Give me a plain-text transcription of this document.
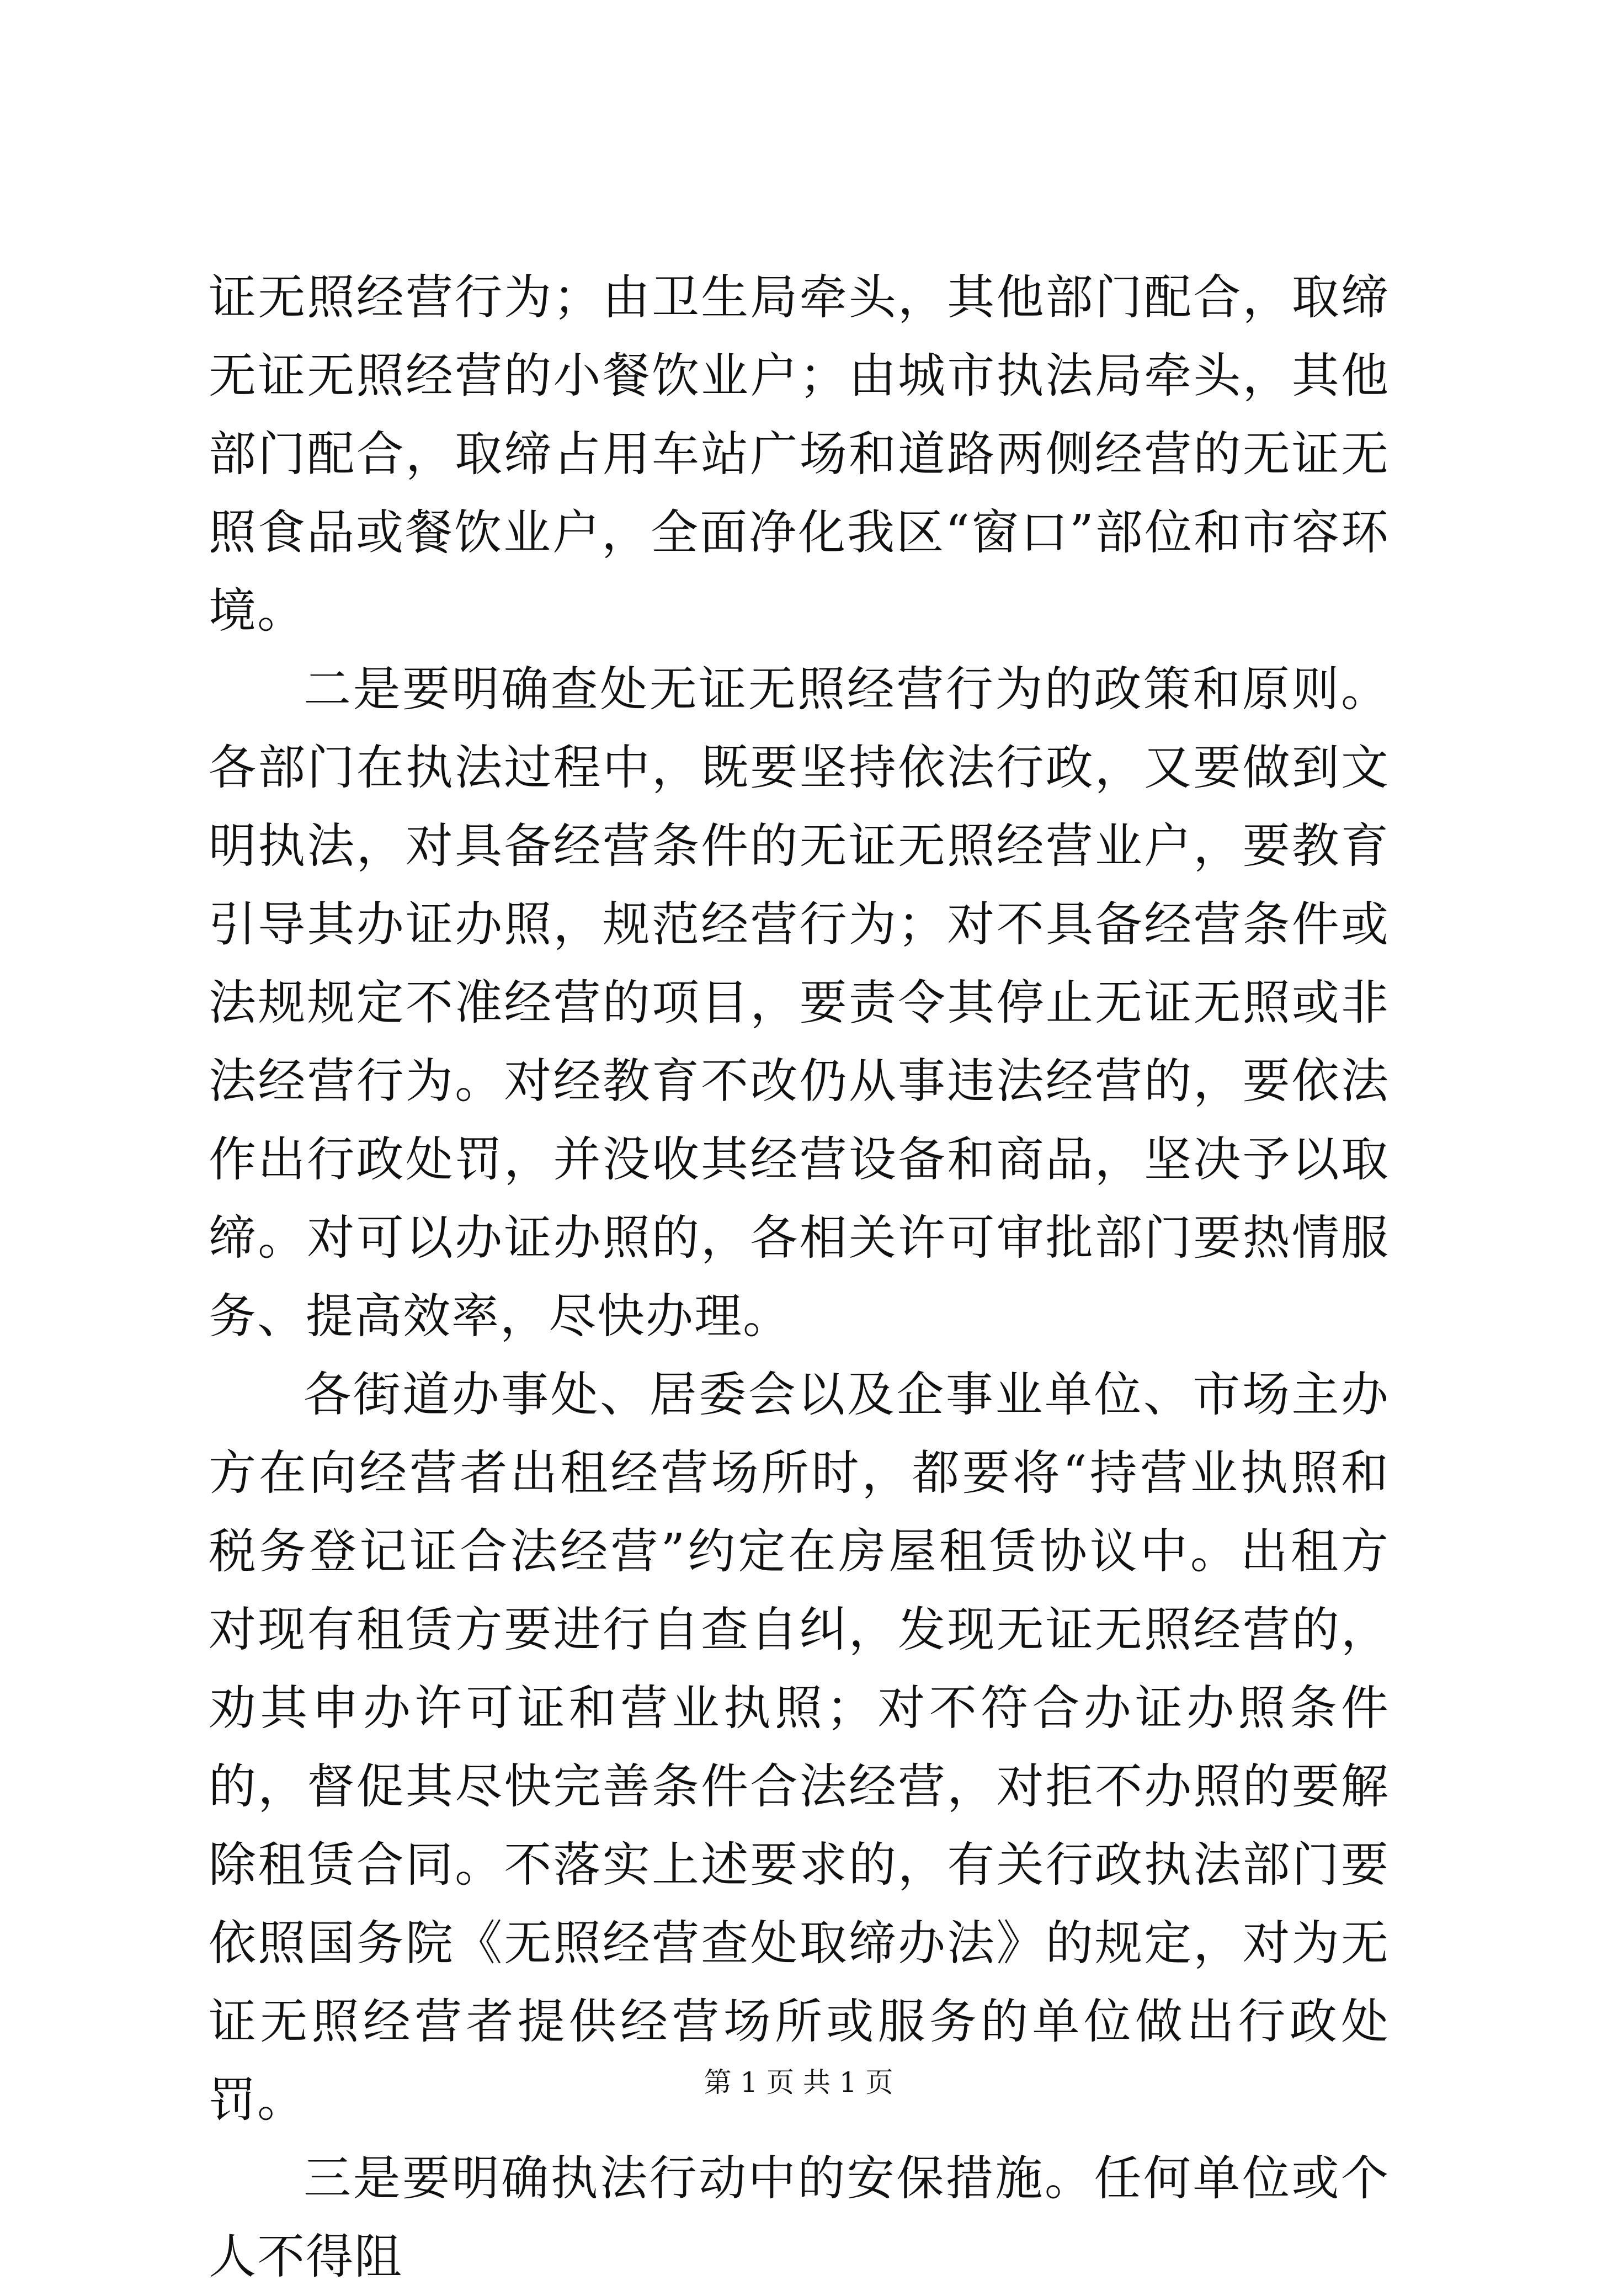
证无照经营行为；由卫生局牵头，其他部门配合，取缔无证无照经营的小餐饮业户；由城市执法局牵头，其他部门配合，取缔占用车站广场和道路两侧经营的无证无照食品或餐饮业户，全面净化我区“窗口”部位和市容环境。

二是要明确查处无证无照经营行为的政策和原则。各部门在执法过程中，既要坚持依法行政，又要做到文明执法，对具备经营条件的无证无照经营业户，要教育引导其办证办照，规范经营行为；对不具备经营条件或法规规定不准经营的项目，要责令其停止无证无照或非法经营行为。对经教育不改仍从事违法经营的，要依法作出行政处罚，并没收其经营设备和商品，坚决予以取缔。对可以办证办照的，各相关许可审批部门要热情服务、提高效率，尽快办理。

各街道办事处、居委会以及企事业单位、市场主办方在向经营者出租经营场所时，都要将“持营业执照和税务登记证合法经营”约定在房屋租赁协议中。出租方对现有租赁方要进行自查自纠，发现无证无照经营的，劝其申办许可证和营业执照；对不符合办证办照条件的，督促其尽快完善条件合法经营，对拒不办照的要解除租赁合同。不落实上述要求的，有关行政执法部门要依照国务院《无照经营查处取缔办法》的规定，对为无证无照经营者提供经营场所或服务的单位做出行政处罚。

三是要明确执法行动中的安保措施。任何单位或个人不得阻

第 1 页 共 1 页
